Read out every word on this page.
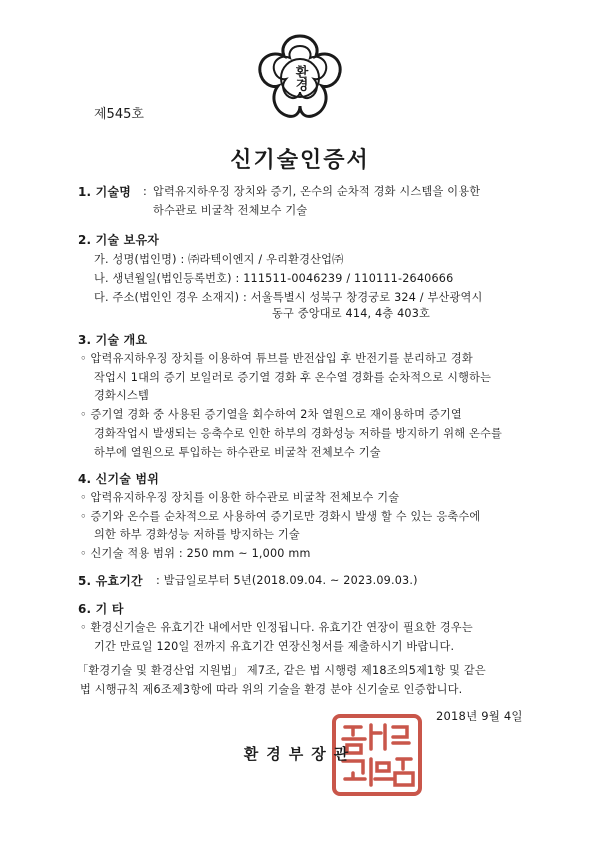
환경
제545호
신기술인증서
1. 기술명 : 압력유지하우징 장치와 증기, 온수의 순차적 경화 시스템을 이용한
하수관로 비굴착 전체보수 기술
2. 기술 보유자
가. 성명(법인명) : ㈜라텍이엔지 / 우리환경산업㈜
나. 생년월일(법인등록번호) : 111511-0046239 / 110111-2640666
다. 주소(법인인 경우 소재지) : 서울특별시 성북구 창경궁로 324 / 부산광역시
동구 중앙대로 414, 4층 403호
3. 기술 개요
◦ 압력유지하우징 장치를 이용하여 튜브를 반전삽입 후 반전기를 분리하고 경화
작업시 1대의 증기 보일러로 증기열 경화 후 온수열 경화를 순차적으로 시행하는
경화시스템
◦ 증기열 경화 중 사용된 증기열을 회수하여 2차 열원으로 재이용하며 증기열
경화작업시 발생되는 응축수로 인한 하부의 경화성능 저하를 방지하기 위해 온수를
하부에 열원으로 투입하는 하수관로 비굴착 전체보수 기술
4. 신기술 범위
◦ 압력유지하우징 장치를 이용한 하수관로 비굴착 전체보수 기술
◦ 증기와 온수를 순차적으로 사용하여 증기로만 경화시 발생 할 수 있는 응축수에
의한 하부 경화성능 저하를 방지하는 기술
◦ 신기술 적용 범위 : 250 mm ~ 1,000 mm
5. 유효기간 : 발급일로부터 5년(2018.09.04. ~ 2023.09.03.)
6. 기 타
◦ 환경신기술은 유효기간 내에서만 인정됩니다. 유효기간 연장이 필요한 경우는
기간 만료일 120일 전까지 유효기간 연장신청서를 제출하시기 바랍니다.
「환경기술 및 환경산업 지원법」 제7조, 같은 법 시행령 제18조의5제1항 및 같은
법 시행규칙 제6조제3항에 따라 위의 기술을 환경 분야 신기술로 인증합니다.
2018년 9월 4일
환경부장관
